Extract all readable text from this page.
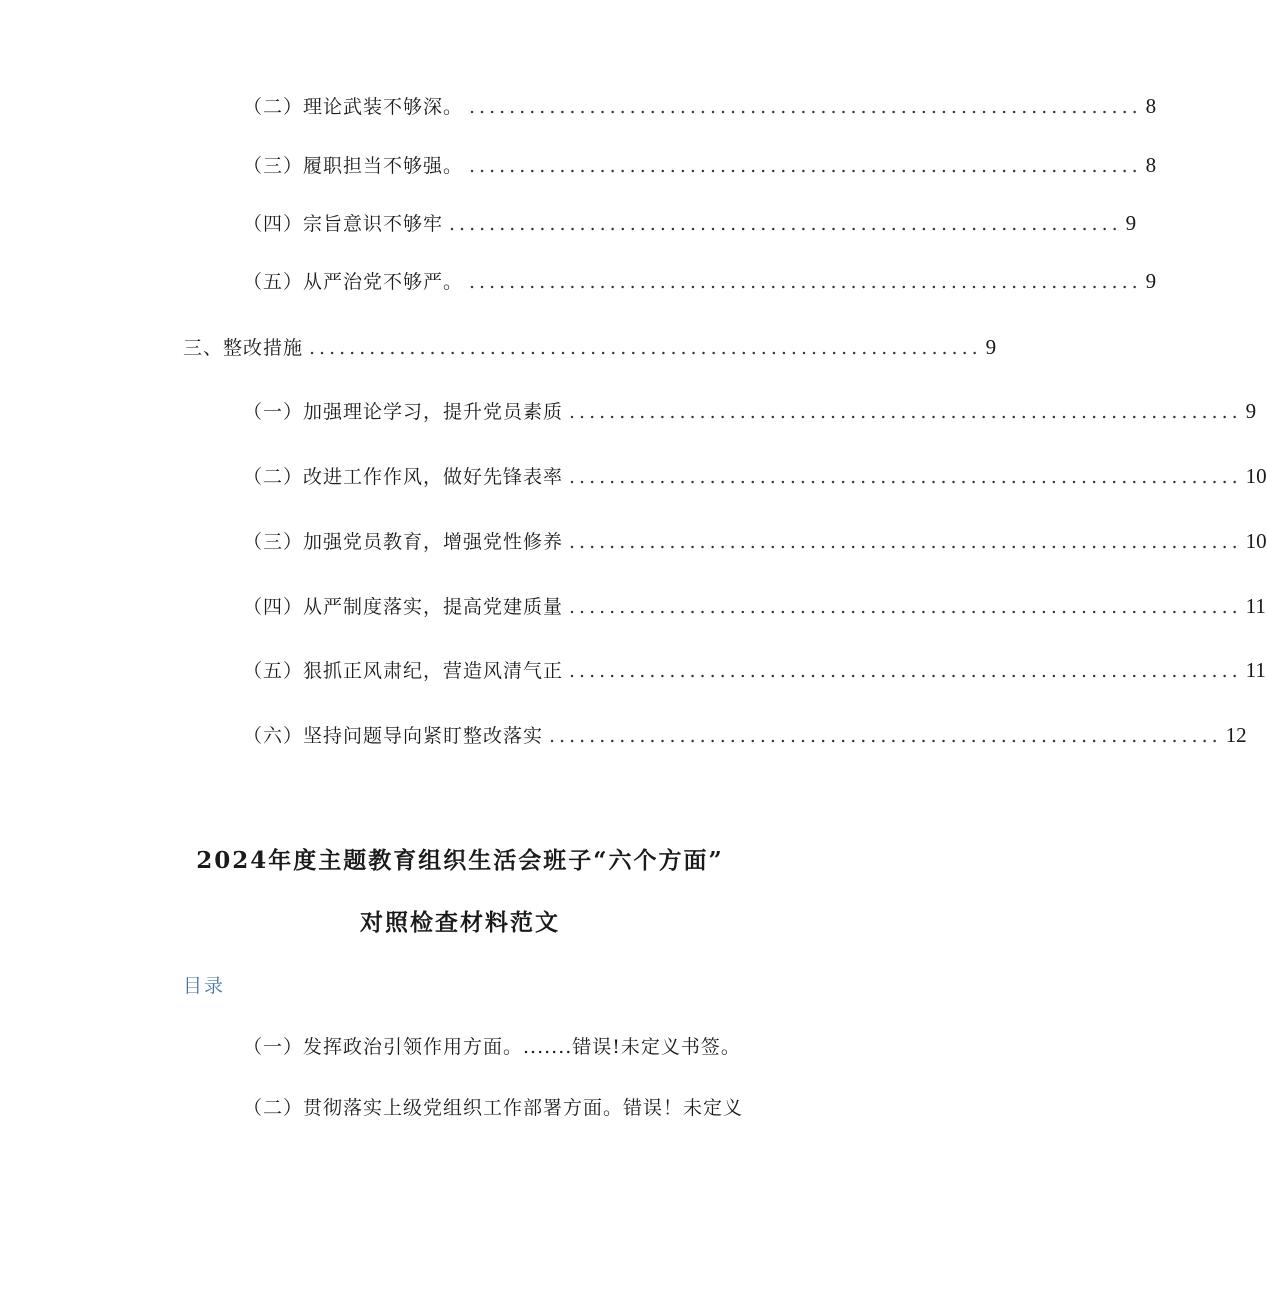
（二）理论武装不够深。 ................................................................... 8
（三）履职担当不够强。 ................................................................... 8
（四）宗旨意识不够牢 ................................................................... 9
（五）从严治党不够严。 ................................................................... 9
三、整改措施 ................................................................... 9
（一）加强理论学习，提升党员素质 ................................................................... 9
（二）改进工作作风，做好先锋表率 ................................................................... 10
（三）加强党员教育，增强党性修养 ................................................................... 10
（四）从严制度落实，提高党建质量 ................................................................... 11
（五）狠抓正风肃纪，营造风清气正 ................................................................... 11
（六）坚持问题导向紧盯整改落实 ................................................................... 12
2024年度主题教育组织生活会班子“六个方面”
对照检查材料范文
目录
（一）发挥政治引领作用方面。.......错误!未定义书签。
（二）贯彻落实上级党组织工作部署方面。错误！未定义
